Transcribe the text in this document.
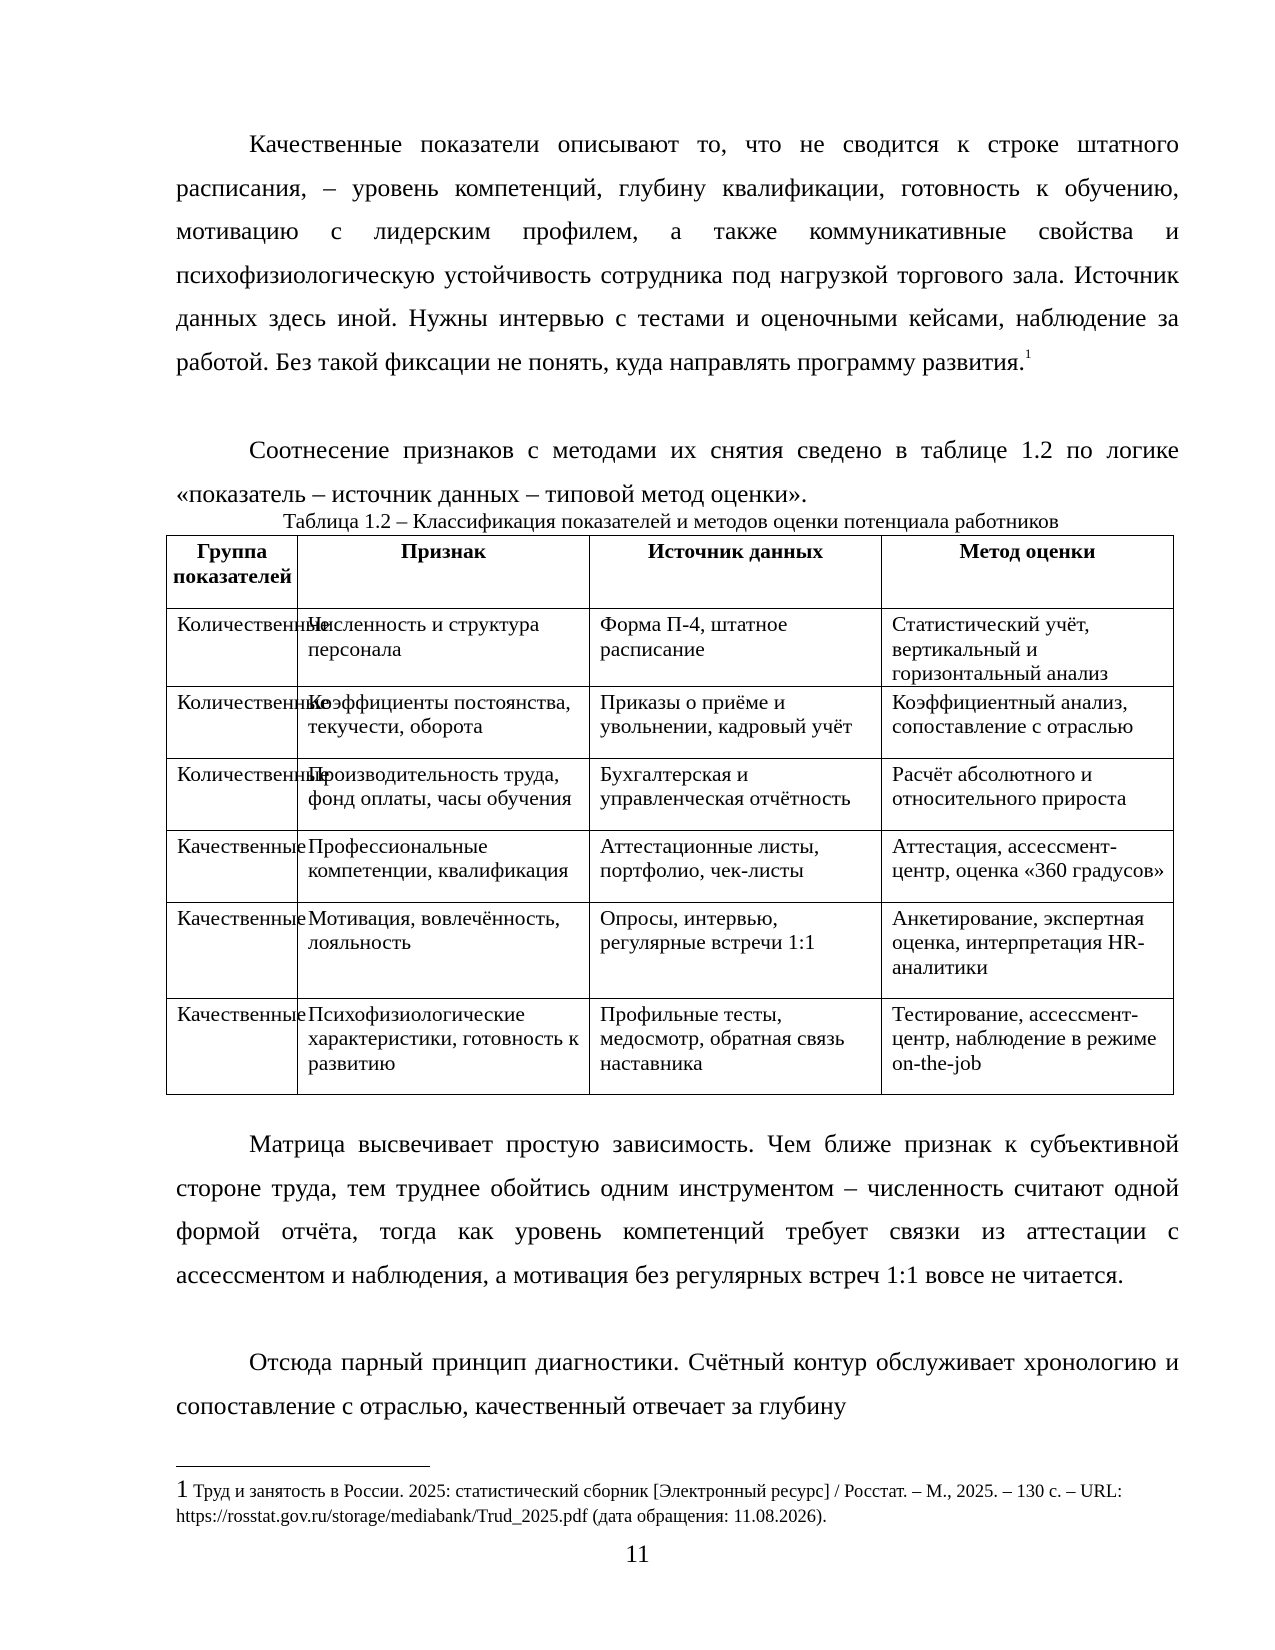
Качественные показатели описывают то, что не сводится к строке штатного расписания, – уровень компетенций, глубину квалификации, готовность к обучению, мотивацию с лидерским профилем, а также коммуникативные свойства и психофизиологическую устойчивость сотрудника под нагрузкой торгового зала. Источник данных здесь иной. Нужны интервью с тестами и оценочными кейсами, наблюдение за работой. Без такой фиксации не понять, куда направлять программу развития.$^1$

Соотнесение признаков с методами их снятия сведено в таблице 1.2 по логике «показатель – источник данных – типовой метод оценки».

Таблица 1.2 – Классификация показателей и методов оценки потенциала работников
Группа показателей	Признак	Источник данных	Метод оценки
Количественные	Численность и структура персонала	Форма П-4, штатное расписание	Статистический учёт, вертикальный и горизонтальный анализ
Количественные	Коэффициенты постоянства, текучести, оборота	Приказы о приёме и увольнении, кадровый учёт	Коэффициентный анализ, сопоставление с отраслью
Количественные	Производительность труда, фонд оплаты, часы обучения	Бухгалтерская и управленческая отчётность	Расчёт абсолютного и относительного прироста
Качественные	Профессиональные компетенции, квалификация	Аттестационные листы, портфолио, чек-листы	Аттестация, ассессмент-центр, оценка «360 градусов»
Качественные	Мотивация, вовлечённость, лояльность	Опросы, интервью, регулярные встречи 1:1	Анкетирование, экспертная оценка, интерпретация HR-аналитики
Качественные	Психофизиологические характеристики, готовность к развитию	Профильные тесты, медосмотр, обратная связь наставника	Тестирование, ассессмент-центр, наблюдение в режиме on-the-job

Матрица высвечивает простую зависимость. Чем ближе признак к субъективной стороне труда, тем труднее обойтись одним инструментом – численность считают одной формой отчёта, тогда как уровень компетенций требует связки из аттестации с ассессментом и наблюдения, а мотивация без регулярных встреч 1:1 вовсе не читается.

Отсюда парный принцип диагностики. Счётный контур обслуживает хронологию и сопоставление с отраслью, качественный отвечает за глубину

1 Труд и занятость в России. 2025: статистический сборник [Электронный ресурс] / Росстат. – М., 2025. – 130 с. – URL: https://rosstat.gov.ru/storage/mediabank/Trud_2025.pdf (дата обращения: 11.08.2026).
11
